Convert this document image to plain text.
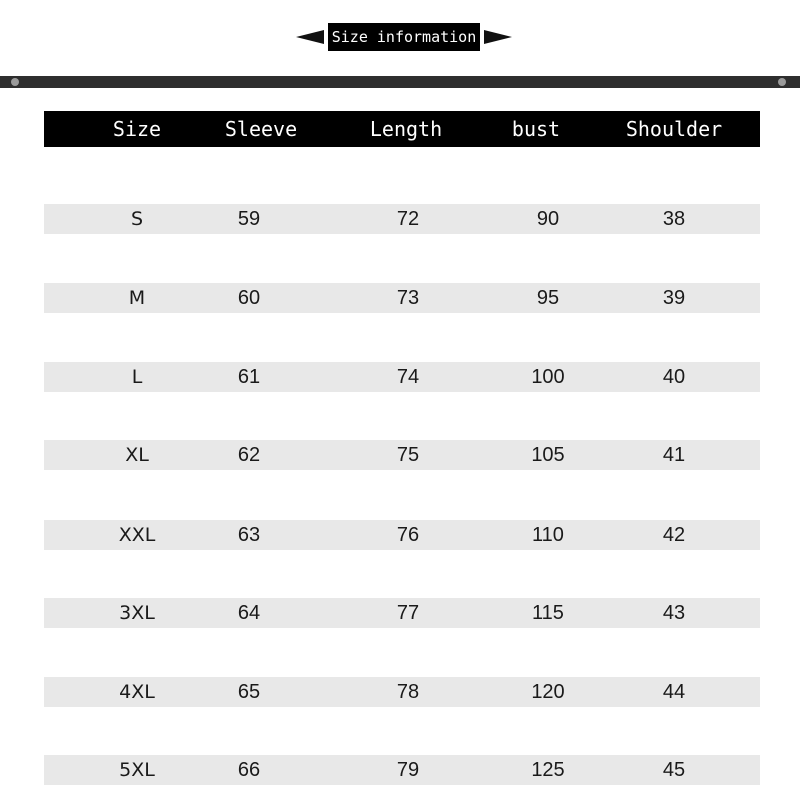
Size information
Size	Sleeve	Length	bust	Shoulder
S	59	72	90	38
M	60	73	95	39
L	61	74	100	40
XL	62	75	105	41
XXL	63	76	110	42
3XL	64	77	115	43
4XL	65	78	120	44
5XL	66	79	125	45
